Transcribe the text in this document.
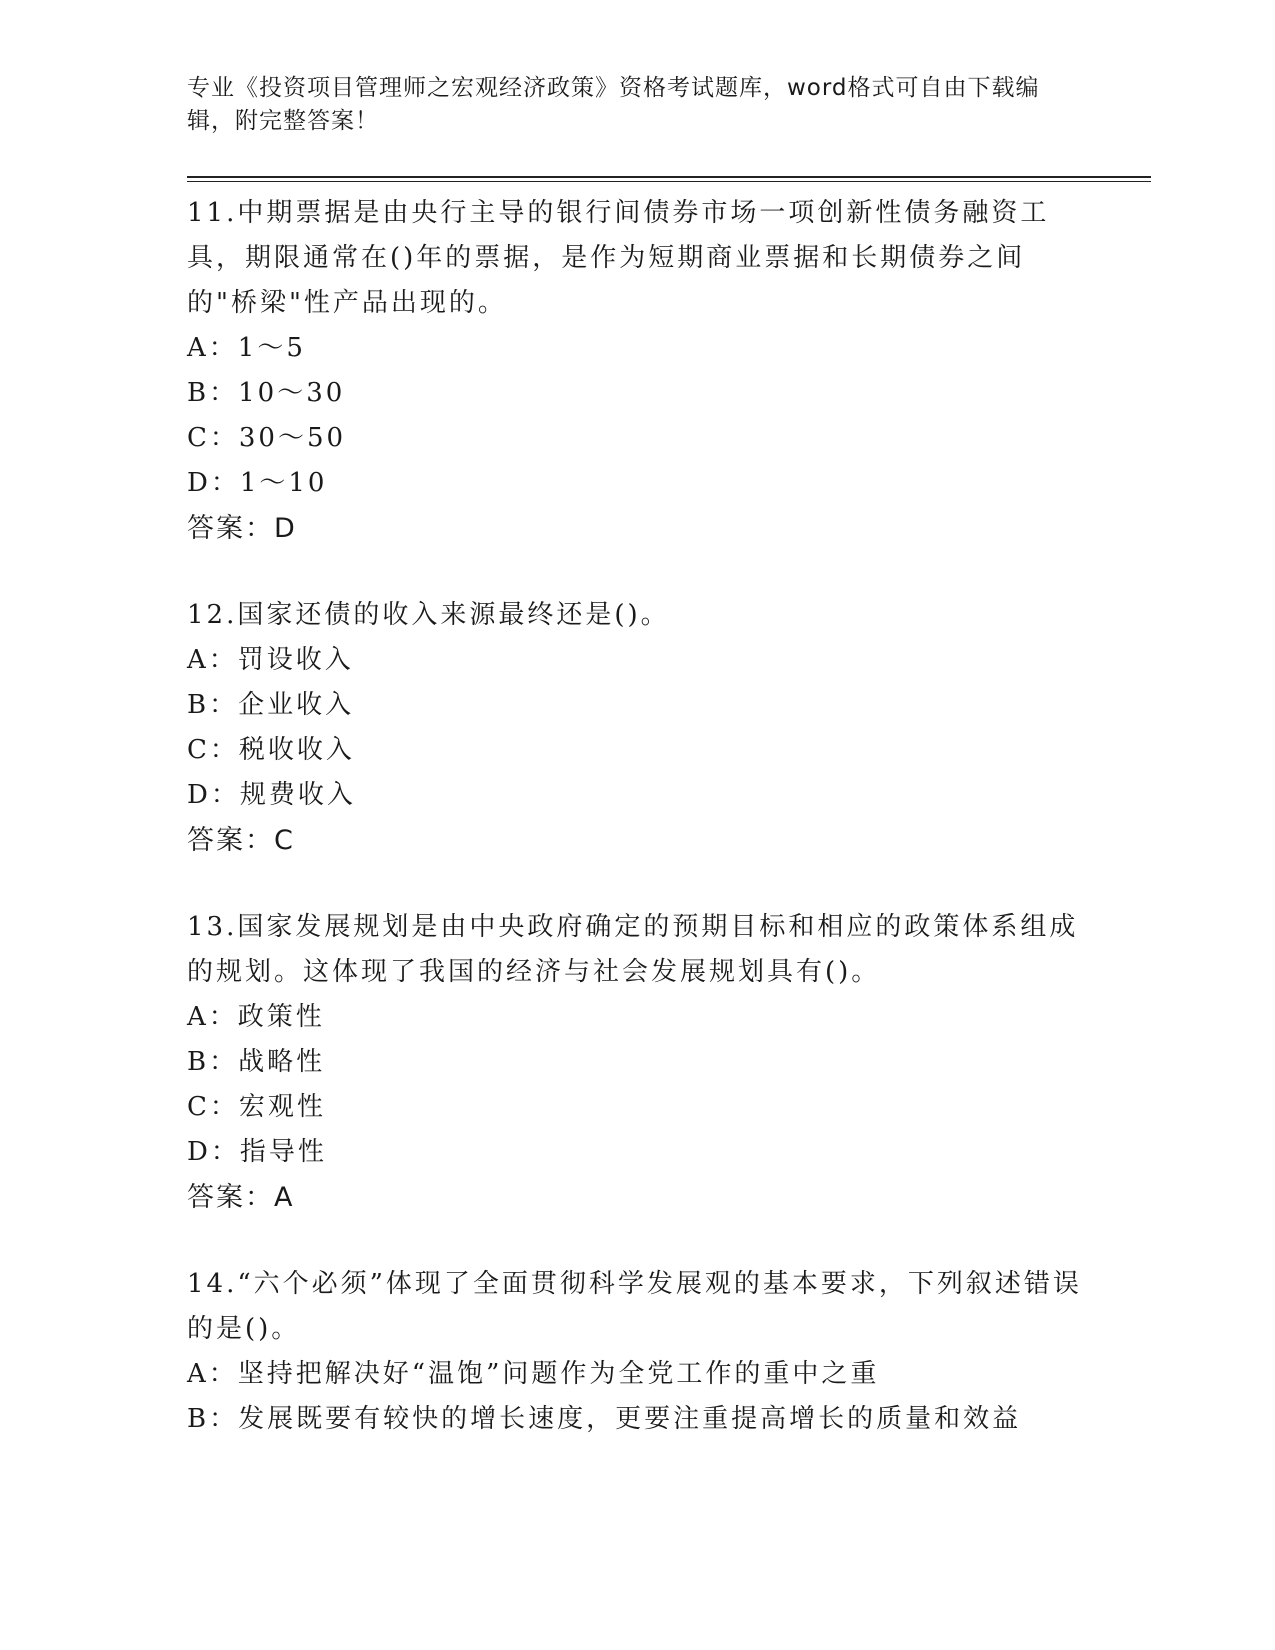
专业《投资项目管理师之宏观经济政策》资格考试题库，word格式可自由下载编辑，附完整答案！

11.中期票据是由央行主导的银行间债券市场一项创新性债务融资工具，期限通常在()年的票据，是作为短期商业票据和长期债券之间的"桥梁"性产品出现的。

A：1～5

B：10～30

C：30～50

D：1～10

答案：D

12.国家还债的收入来源最终还是()。

A：罚设收入

B：企业收入

C：税收收入

D：规费收入

答案：C

13.国家发展规划是由中央政府确定的预期目标和相应的政策体系组成的规划。这体现了我国的经济与社会发展规划具有()。

A：政策性

B：战略性

C：宏观性

D：指导性

答案：A

14.“六个必须”体现了全面贯彻科学发展观的基本要求，下列叙述错误的是()。

A：坚持把解决好“温饱”问题作为全党工作的重中之重

B：发展既要有较快的增长速度，更要注重提高增长的质量和效益
